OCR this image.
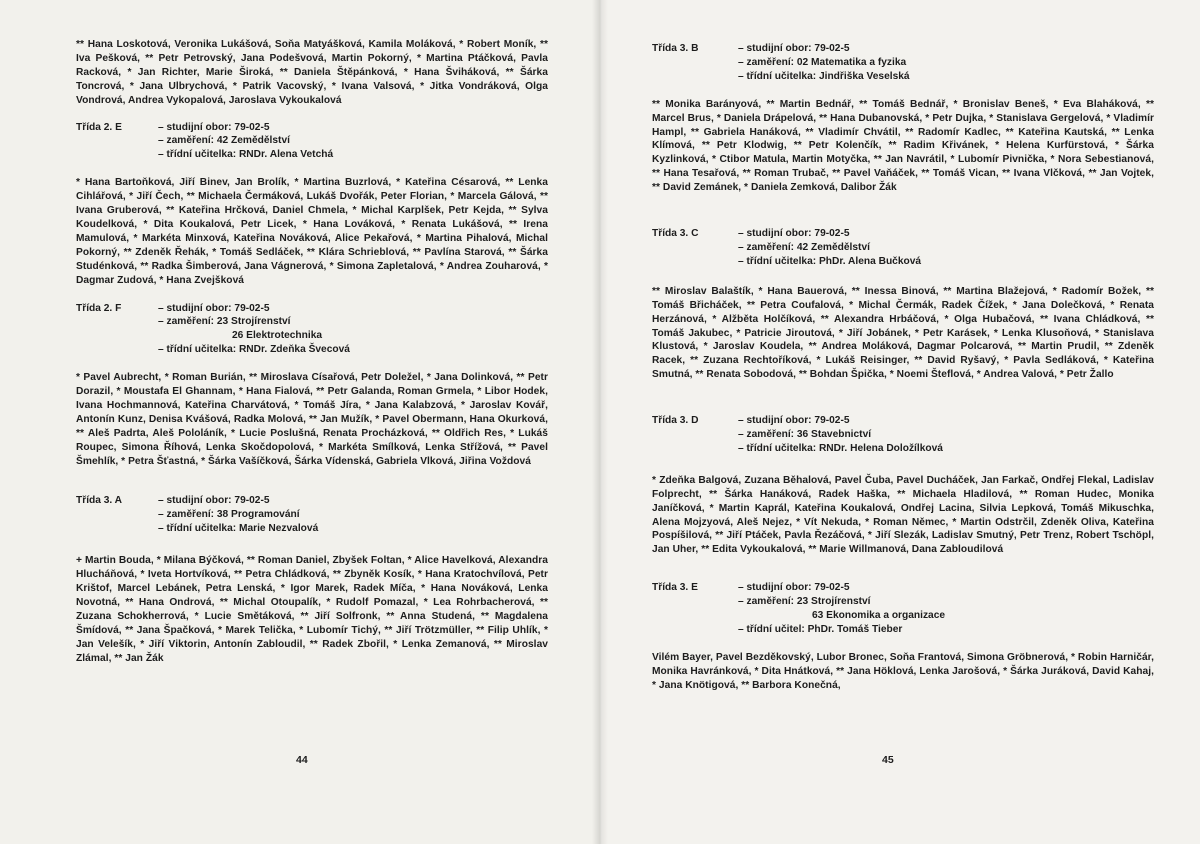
** Hana Loskotová, Veronika Lukášová, Soňa Matyášková, Kamila Moláková, * Robert Moník, ** Iva Pešková, ** Petr Petrovský, Jana Podešvová, Martin Pokorný, * Martina Ptáčková, Pavla Racková, * Jan Richter, Marie Široká, ** Daniela Štěpánková, * Hana Šviháková, ** Šárka Toncrová, * Jana Ulbrychová, * Patrik Vacovský, * Ivana Valsová, * Jitka Vondráková, Olga Vondrová, Andrea Vykopalová, Jaroslava Vykoukalová

Třída 2. E	– studijní obor: 79-02-5
– zaměření: 42 Zemědělství
– třídní učitelka: RNDr. Alena Vetchá

* Hana Bartoňková, Jiří Binev, Jan Brolík, * Martina Buzrlová, * Kateřina Césarová, ** Lenka Cihlářová, * Jiří Čech, ** Michaela Čermáková, Lukáš Dvořák, Peter Florian, * Marcela Gálová, ** Ivana Gruberová, ** Kateřina Hrčková, Daniel Chmela, * Michal Karplšek, Petr Kejda, ** Sylva Koudelková, * Dita Koukalová, Petr Licek, * Hana Lováková, * Renata Lukášová, ** Irena Mamulová, * Markéta Minxová, Kateřina Nováková, Alice Pekařová, * Martina Pihalová, Michal Pokorný, ** Zdeněk Řehák, * Tomáš Sedláček, ** Klára Schrieblová, ** Pavlína Starová, ** Šárka Studénková, ** Radka Šimberová, Jana Vágnerová, * Simona Zapletalová, * Andrea Zouharová, * Dagmar Zudová, * Hana Zvejšková

Třída 2. F	– studijní obor: 79-02-5
– zaměření: 23 Strojírenství
26 Elektrotechnika
– třídní učitelka: RNDr. Zdeňka Švecová

* Pavel Aubrecht, * Roman Burián, ** Miroslava Císařová, Petr Doležel, * Jana Dolinková, ** Petr Dorazil, * Moustafa El Ghannam, * Hana Fialová, ** Petr Galanda, Roman Grmela, * Libor Hodek, Ivana Hochmannová, Kateřina Charvátová, * Tomáš Jíra, * Jana Kalabzová, * Jaroslav Kovář, Antonín Kunz, Denisa Kvášová, Radka Molová, ** Jan Mužík, * Pavel Obermann, Hana Okurková, ** Aleš Padrta, Aleš Pololáník, * Lucie Poslušná, Renata Procházková, ** Oldřich Res, * Lukáš Roupec, Simona Říhová, Lenka Skočdopolová, * Markéta Smílková, Lenka Střížová, ** Pavel Šmehlík, * Petra Šťastná, * Šárka Vašíčková, Šárka Vídenská, Gabriela Vlková, Jiřina Voždová

Třída 3. A	– studijní obor: 79-02-5
– zaměření: 38 Programování
– třídní učitelka: Marie Nezvalová

+ Martin Bouda, * Milana Býčková, ** Roman Daniel, Zbyšek Foltan, * Alice Havelková, Alexandra Hlucháňová, * Iveta Hortvíková, ** Petra Chládková, ** Zbyněk Kosík, * Hana Kratochvílová, Petr Krištof, Marcel Lebánek, Petra Lenská, * Igor Marek, Radek Míča, * Hana Nováková, Lenka Novotná, ** Hana Ondrová, ** Michal Otoupalík, * Rudolf Pomazal, * Lea Rohrbacherová, ** Zuzana Schokherrová, * Lucie Smětáková, ** Jiří Solfronk, ** Anna Studená, ** Magdalena Šmídová, ** Jana Špačková, * Marek Telička, * Lubomír Tichý, ** Jiří Trötzmüller, ** Filip Uhlík, * Jan Velešík, * Jiří Viktorin, Antonín Zabloudil, ** Radek Zbořil, * Lenka Zemanová, ** Miroslav Zlámal, ** Jan Žák

44
Třída 3. B	– studijní obor: 79-02-5
– zaměření: 02 Matematika a fyzika
– třídní učitelka: Jindřiška Veselská

** Monika Barányová, ** Martin Bednář, ** Tomáš Bednář, * Bronislav Beneš, * Eva Blaháková, ** Marcel Brus, * Daniela Drápelová, ** Hana Dubanovská, * Petr Dujka, * Stanislava Gergelová, * Vladimír Hampl, ** Gabriela Hanáková, ** Vladimír Chvátil, ** Radomír Kadlec, ** Kateřina Kautská, ** Lenka Klímová, ** Petr Klodwig, ** Petr Kolenčík, ** Radim Křivánek, * Helena Kurfürstová, * Šárka Kyzlinková, * Ctibor Matula, Martin Motyčka, ** Jan Navrátil, * Lubomír Pivnička, * Nora Sebestianová, ** Hana Tesařová, ** Roman Trubač, ** Pavel Vaňáček, ** Tomáš Vican, ** Ivana Vlčková, ** Jan Vojtek, ** David Zemánek, * Daniela Zemková, Dalibor Žák

Třída 3. C	– studijní obor: 79-02-5
– zaměření: 42 Zemědělství
– třídní učitelka: PhDr. Alena Bučková

** Miroslav Balaštík, * Hana Bauerová, ** Inessa Binová, ** Martina Blažejová, * Radomír Božek, ** Tomáš Břicháček, ** Petra Coufalová, * Michal Čermák, Radek Čížek, * Jana Dolečková, * Renata Herzánová, * Alžběta Holčíková, ** Alexandra Hrbáčová, * Olga Hubačová, ** Ivana Chládková, ** Tomáš Jakubec, * Patricie Jiroutová, * Jiří Jobánek, * Petr Karásek, * Lenka Klusoňová, * Stanislava Klustová, * Jaroslav Koudela, ** Andrea Moláková, Dagmar Polcarová, ** Martin Prudil, ** Zdeněk Racek, ** Zuzana Rechtoříková, * Lukáš Reisinger, ** David Ryšavý, * Pavla Sedláková, * Kateřina Smutná, ** Renata Sobodová, ** Bohdan Špička, * Noemi Šteflová, * Andrea Valová, * Petr Žallo

Třída 3. D	– studijní obor: 79-02-5
– zaměření: 36 Stavebnictví
– třídní učitelka: RNDr. Helena Doložílková

* Zdeňka Balgová, Zuzana Běhalová, Pavel Čuba, Pavel Ducháček, Jan Farkač, Ondřej Flekal, Ladislav Folprecht, ** Šárka Hanáková, Radek Haška, ** Michaela Hladilová, ** Roman Hudec, Monika Janíčková, * Martin Kaprál, Kateřina Koukalová, Ondřej Lacina, Silvia Lepková, Tomáš Mikuschka, Alena Mojzyová, Aleš Nejez, * Vít Nekuda, * Roman Němec, * Martin Odstrčil, Zdeněk Oliva, Kateřina Pospíšilová, ** Jiří Ptáček, Pavla Řezáčová, * Jiří Slezák, Ladislav Smutný, Petr Trenz, Robert Tschöpl, Jan Uher, ** Edita Vykoukalová, ** Marie Willmanová, Dana Zabloudilová

Třída 3. E	– studijní obor: 79-02-5
– zaměření: 23 Strojírenství
63 Ekonomika a organizace
– třídní učitel: PhDr. Tomáš Tieber

Vilém Bayer, Pavel Bezděkovský, Lubor Bronec, Soňa Frantová, Simona Gröbnerová, * Robin Harničár, Monika Havránková, * Dita Hnátková, ** Jana Höklová, Lenka Jarošová, * Šárka Juráková, David Kahaj, * Jana Knötigová, ** Barbora Konečná,

45
